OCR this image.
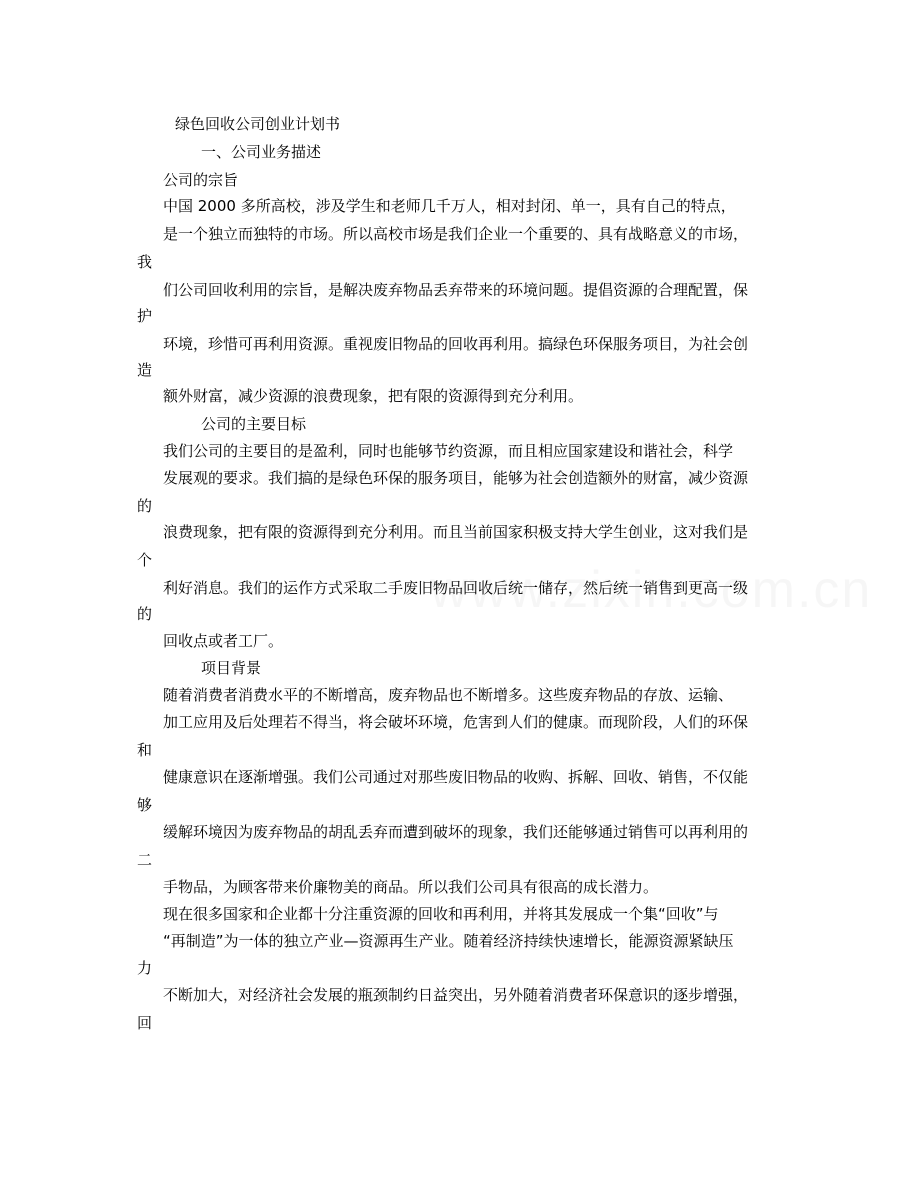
绿色回收公司创业计划书
一、公司业务描述
公司的宗旨
中国 2000 多所高校，涉及学生和老师几千万人，相对封闭、单一，具有自己的特点，
是一个独立而独特的市场。所以高校市场是我们企业一个重要的、具有战略意义的市场，
我
们公司回收利用的宗旨，是解决废弃物品丢弃带来的环境问题。提倡资源的合理配置，保
护
环境，珍惜可再利用资源。重视废旧物品的回收再利用。搞绿色环保服务项目，为社会创
造
额外财富，减少资源的浪费现象，把有限的资源得到充分利用。
公司的主要目标
我们公司的主要目的是盈利，同时也能够节约资源，而且相应国家建设和谐社会，科学
发展观的要求。我们搞的是绿色环保的服务项目，能够为社会创造额外的财富，减少资源
的
浪费现象，把有限的资源得到充分利用。而且当前国家积极支持大学生创业，这对我们是
个
利好消息。我们的运作方式采取二手废旧物品回收后统一储存，然后统一销售到更高一级
的
回收点或者工厂。
项目背景
随着消费者消费水平的不断增高，废弃物品也不断增多。这些废弃物品的存放、运输、
加工应用及后处理若不得当，将会破坏环境，危害到人们的健康。而现阶段，人们的环保
和
健康意识在逐渐增强。我们公司通过对那些废旧物品的收购、拆解、回收、销售，不仅能
够
缓解环境因为废弃物品的胡乱丢弃而遭到破坏的现象，我们还能够通过销售可以再利用的
二
手物品，为顾客带来价廉物美的商品。所以我们公司具有很高的成长潜力。
现在很多国家和企业都十分注重资源的回收和再利用，并将其发展成一个集“回收”与
“再制造”为一体的独立产业—资源再生产业。随着经济持续快速增长，能源资源紧缺压
力
不断加大，对经济社会发展的瓶颈制约日益突出，另外随着消费者环保意识的逐步增强，
回
